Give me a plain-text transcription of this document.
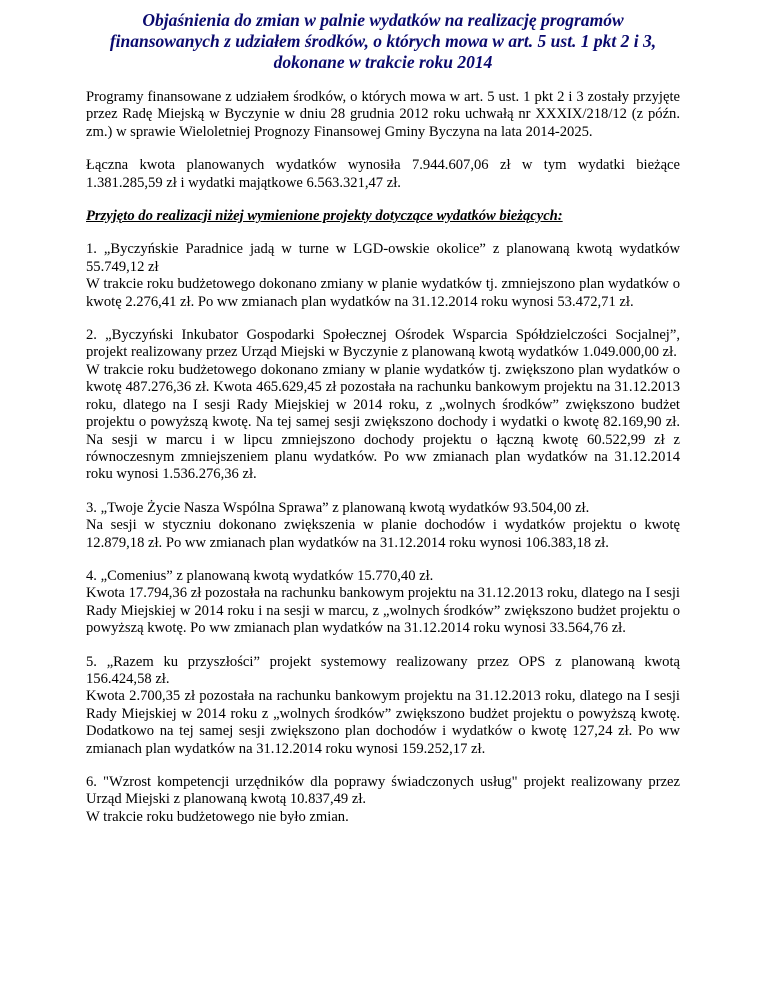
Objaśnienia do zmian w palnie wydatków na realizację programów
finansowanych z udziałem środków, o których mowa w art. 5 ust. 1 pkt 2 i 3,
dokonane w trakcie roku 2014

Programy finansowane z udziałem środków, o których mowa w art. 5 ust. 1 pkt 2 i 3 zostały przyjęte przez Radę Miejską w Byczynie w dniu 28 grudnia 2012 roku uchwałą nr XXXIX/218/12 (z późn. zm.) w sprawie Wieloletniej Prognozy Finansowej Gminy Byczyna na lata 2014-2025.

Łączna kwota planowanych wydatków wynosiła 7.944.607,06 zł w tym wydatki bieżące 1.381.285,59 zł i wydatki majątkowe 6.563.321,47 zł.

Przyjęto do realizacji niżej wymienione projekty dotyczące wydatków bieżących:

1. „Byczyńskie Paradnice jadą w turne w LGD-owskie okolice” z planowaną kwotą wydatków 55.749,12 zł

W trakcie roku budżetowego dokonano zmiany w planie wydatków tj. zmniejszono plan wydatków o kwotę 2.276,41 zł. Po ww zmianach plan wydatków na 31.12.2014 roku wynosi 53.472,71 zł.

2. „Byczyński Inkubator Gospodarki Społecznej Ośrodek Wsparcia Spółdzielczości Socjalnej”, projekt realizowany przez Urząd Miejski w Byczynie z planowaną kwotą wydatków 1.049.000,00 zł.

W trakcie roku budżetowego dokonano zmiany w planie wydatków tj. zwiększono plan wydatków o kwotę 487.276,36 zł. Kwota 465.629,45 zł pozostała na rachunku bankowym projektu na 31.12.2013 roku, dlatego na I sesji Rady Miejskiej w 2014 roku, z „wolnych środków” zwiększono budżet projektu o powyższą kwotę. Na tej samej sesji zwiększono dochody i wydatki o kwotę 82.169,90 zł. Na sesji w marcu i w lipcu zmniejszono dochody projektu o łączną kwotę 60.522,99 zł z równoczesnym zmniejszeniem planu wydatków. Po ww zmianach plan wydatków na 31.12.2014 roku wynosi 1.536.276,36 zł.

3. „Twoje Życie Nasza Wspólna Sprawa” z planowaną kwotą wydatków 93.504,00 zł.

Na sesji w styczniu dokonano zwiększenia w planie dochodów i wydatków projektu o kwotę 12.879,18 zł. Po ww zmianach plan wydatków na 31.12.2014 roku wynosi 106.383,18 zł.

4. „Comenius” z planowaną kwotą wydatków 15.770,40 zł.

Kwota 17.794,36 zł pozostała na rachunku bankowym projektu na 31.12.2013 roku, dlatego na I sesji Rady Miejskiej w 2014 roku i na sesji w marcu, z „wolnych środków” zwiększono budżet projektu o powyższą kwotę. Po ww zmianach plan wydatków na 31.12.2014 roku wynosi 33.564,76 zł.

5. „Razem ku przyszłości” projekt systemowy realizowany przez OPS z planowaną kwotą 156.424,58 zł.

Kwota 2.700,35 zł pozostała na rachunku bankowym projektu na 31.12.2013 roku, dlatego na I sesji Rady Miejskiej w 2014 roku z „wolnych środków” zwiększono budżet projektu o powyższą kwotę. Dodatkowo na tej samej sesji zwiększono plan dochodów i wydatków o kwotę 127,24 zł. Po ww zmianach plan wydatków na 31.12.2014 roku wynosi 159.252,17 zł.

6. "Wzrost kompetencji urzędników dla poprawy świadczonych usług" projekt realizowany przez Urząd Miejski z planowaną kwotą 10.837,49 zł.

W trakcie roku budżetowego nie było zmian.
